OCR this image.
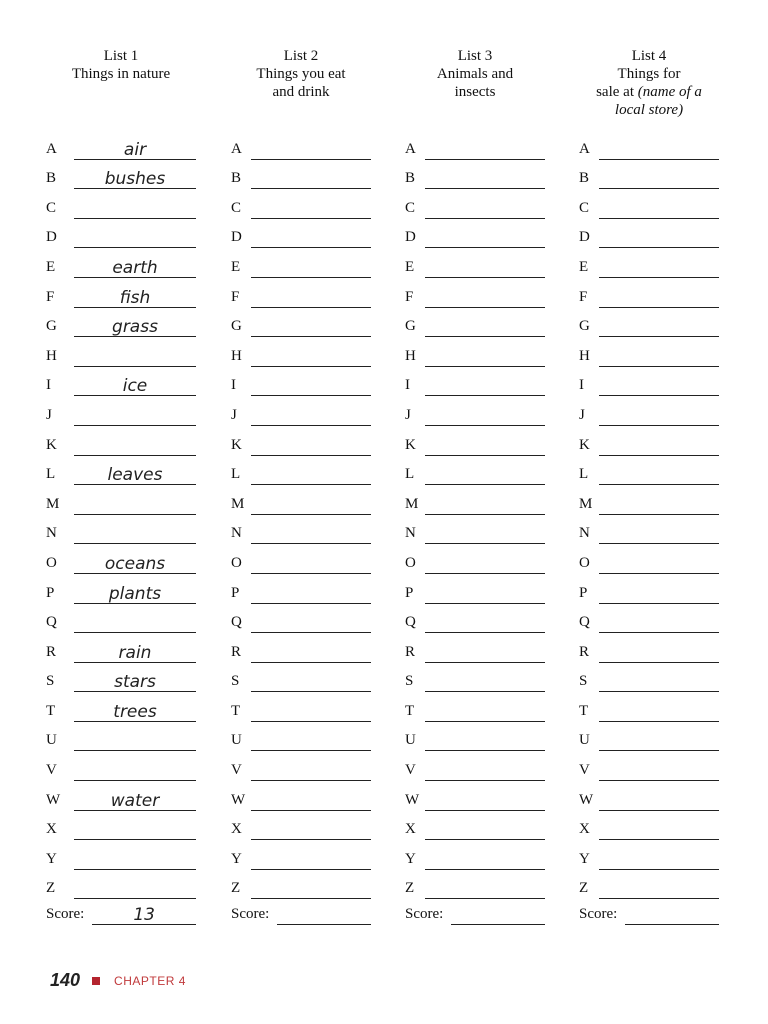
List 1
Things in nature
A	air
B	bushes
C
D
E	earth
F	fish
G	grass
H
I	ice
J
K
L	leaves
M
N
O	oceans
P	plants
Q
R	rain
S	stars
T	trees
U
V
W	water
X
Y
Z
List 2
Things you eat
and drink
A
B
C
D
E
F
G
H
I
J
K
L
M
N
O
P
Q
R
S
T
U
V
W
X
Y
Z
List 3
Animals and
insects
A
B
C
D
E
F
G
H
I
J
K
L
M
N
O
P
Q
R
S
T
U
V
W
X
Y
Z
List 4
Things for
sale at (name of a
local store)
A
B
C
D
E
F
G
H
I
J
K
L
M
N
O
P
Q
R
S
T
U
V
W
X
Y
Z
Score:	13	Score:	Score:	Score:
140	CHAPTER 4
